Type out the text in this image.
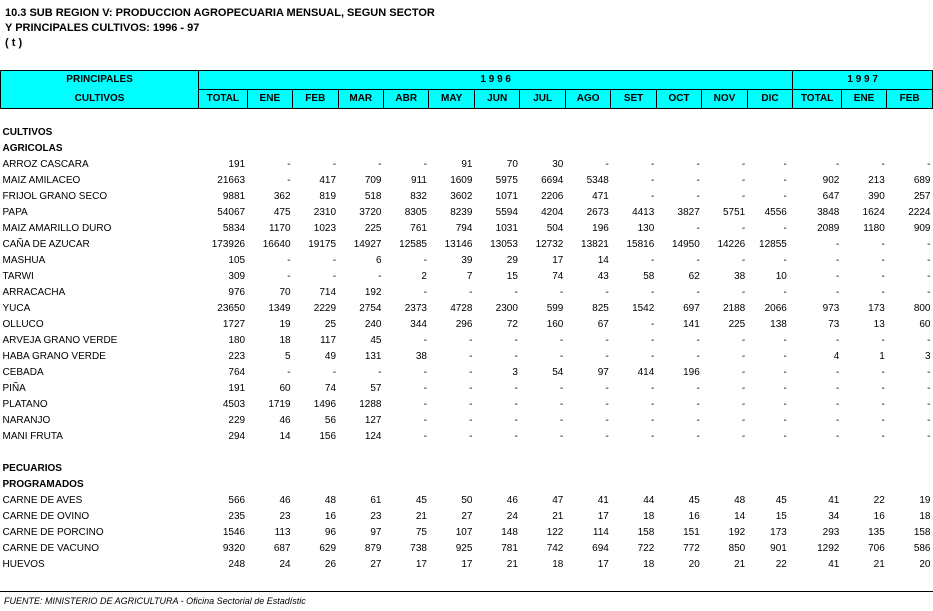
10.3 SUB REGION V: PRODUCCION AGROPECUARIA MENSUAL, SEGUN SECTOR
Y PRINCIPALES CULTIVOS: 1996 - 97
( t )
PRINCIPALES	1 9 9 6													1 9 9 7		
CULTIVOS	TOTAL	ENE	FEB	MAR	ABR	MAY	JUN	JUL	AGO	SET	OCT	NOV	DIC	TOTAL	ENE	FEB

CULTIVOS																
AGRICOLAS																
ARROZ CASCARA	191	-	-	-	-	91	70	30	-	-	-	-	-	-	-	-
MAIZ AMILACEO	21663	-	417	709	911	1609	5975	6694	5348	-	-	-	-	902	213	689
FRIJOL GRANO SECO	9881	362	819	518	832	3602	1071	2206	471	-	-	-	-	647	390	257
PAPA	54067	475	2310	3720	8305	8239	5594	4204	2673	4413	3827	5751	4556	3848	1624	2224
MAIZ AMARILLO DURO	5834	1170	1023	225	761	794	1031	504	196	130	-	-	-	2089	1180	909
CAÑA DE AZUCAR	173926	16640	19175	14927	12585	13146	13053	12732	13821	15816	14950	14226	12855	-	-	-
MASHUA	105	-	-	6	-	39	29	17	14	-	-	-	-	-	-	-
TARWI	309	-	-	-	2	7	15	74	43	58	62	38	10	-	-	-
ARRACACHA	976	70	714	192	-	-	-	-	-	-	-	-	-	-	-	-
YUCA	23650	1349	2229	2754	2373	4728	2300	599	825	1542	697	2188	2066	973	173	800
OLLUCO	1727	19	25	240	344	296	72	160	67	-	141	225	138	73	13	60
ARVEJA GRANO VERDE	180	18	117	45	-	-	-	-	-	-	-	-	-	-	-	-
HABA GRANO VERDE	223	5	49	131	38	-	-	-	-	-	-	-	-	4	1	3
CEBADA	764	-	-	-	-	-	3	54	97	414	196	-	-	-	-	-
PIÑA	191	60	74	57	-	-	-	-	-	-	-	-	-	-	-	-
PLATANO	4503	1719	1496	1288	-	-	-	-	-	-	-	-	-	-	-	-
NARANJO	229	46	56	127	-	-	-	-	-	-	-	-	-	-	-	-
MANI FRUTA	294	14	156	124	-	-	-	-	-	-	-	-	-	-	-	-

PECUARIOS																
PROGRAMADOS																
CARNE DE AVES	566	46	48	61	45	50	46	47	41	44	45	48	45	41	22	19
CARNE DE OVINO	235	23	16	23	21	27	24	21	17	18	16	14	15	34	16	18
CARNE DE PORCINO	1546	113	96	97	75	107	148	122	114	158	151	192	173	293	135	158
CARNE DE VACUNO	9320	687	629	879	738	925	781	742	694	722	772	850	901	1292	706	586
HUEVOS	248	24	26	27	17	17	21	18	17	18	20	21	22	41	21	20
FUENTE: MINISTERIO DE AGRICULTURA - Oficina Sectorial de Estadístic
